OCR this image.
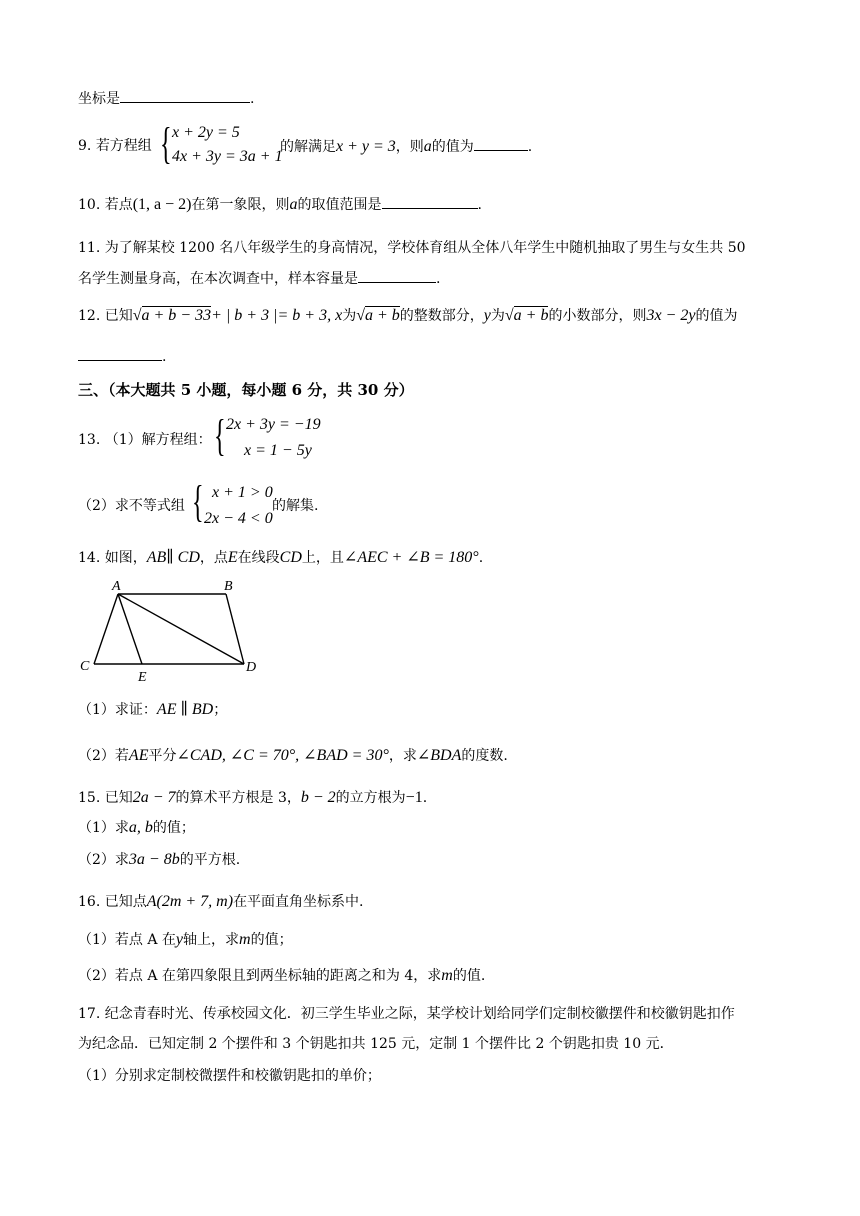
坐标是	.
9. 若方程组 { x + 2y = 5
4x + 3y = 3a + 1
的解满足x + y = 3，则a的值为	.
10. 若点(1, a − 2)在第一象限，则a的取值范围是	.
11. 为了解某校 1200 名八年级学生的身高情况，学校体育组从全体八年学生中随机抽取了男生与女生共 50
名学生测量身高，在本次调查中，样本容量是	.
12. 已知√a + b − 33+ | b + 3 |= b + 3, x为√a + b的整数部分，y为√a + b的小数部分，则3x − 2y的值为
.
三、（本大题共 5 小题，每小题 6 分，共 30 分）
13. （1）解方程组： { 2x + 3y = −19
x = 1 − 5y
（2）求不等式组 { x + 1 > 0
2x − 4 < 0
的解集.
14. 如图，AB∥ CD，点E在线段CD上，且∠AEC + ∠B = 180°.
A	B
C	D
E
（1）求证：AE ∥ BD；
（2）若AE平分∠CAD, ∠C = 70°, ∠BAD = 30°，求∠BDA的度数.
15. 已知2a − 7的算术平方根是 3，b − 2的立方根为−1.
（1）求a, b的值；
（2）求3a − 8b的平方根.
16. 已知点A(2m + 7, m)在平面直角坐标系中.
（1）若点 A 在y轴上，求m的值；
（2）若点 A 在第四象限且到两坐标轴的距离之和为 4，求m的值.
17. 纪念青春时光、传承校园文化．初三学生毕业之际，某学校计划给同学们定制校徽摆件和校徽钥匙扣作
为纪念品．已知定制 2 个摆件和 3 个钥匙扣共 125 元，定制 1 个摆件比 2 个钥匙扣贵 10 元．
（1）分别求定制校微摆件和校徽钥匙扣的单价；
